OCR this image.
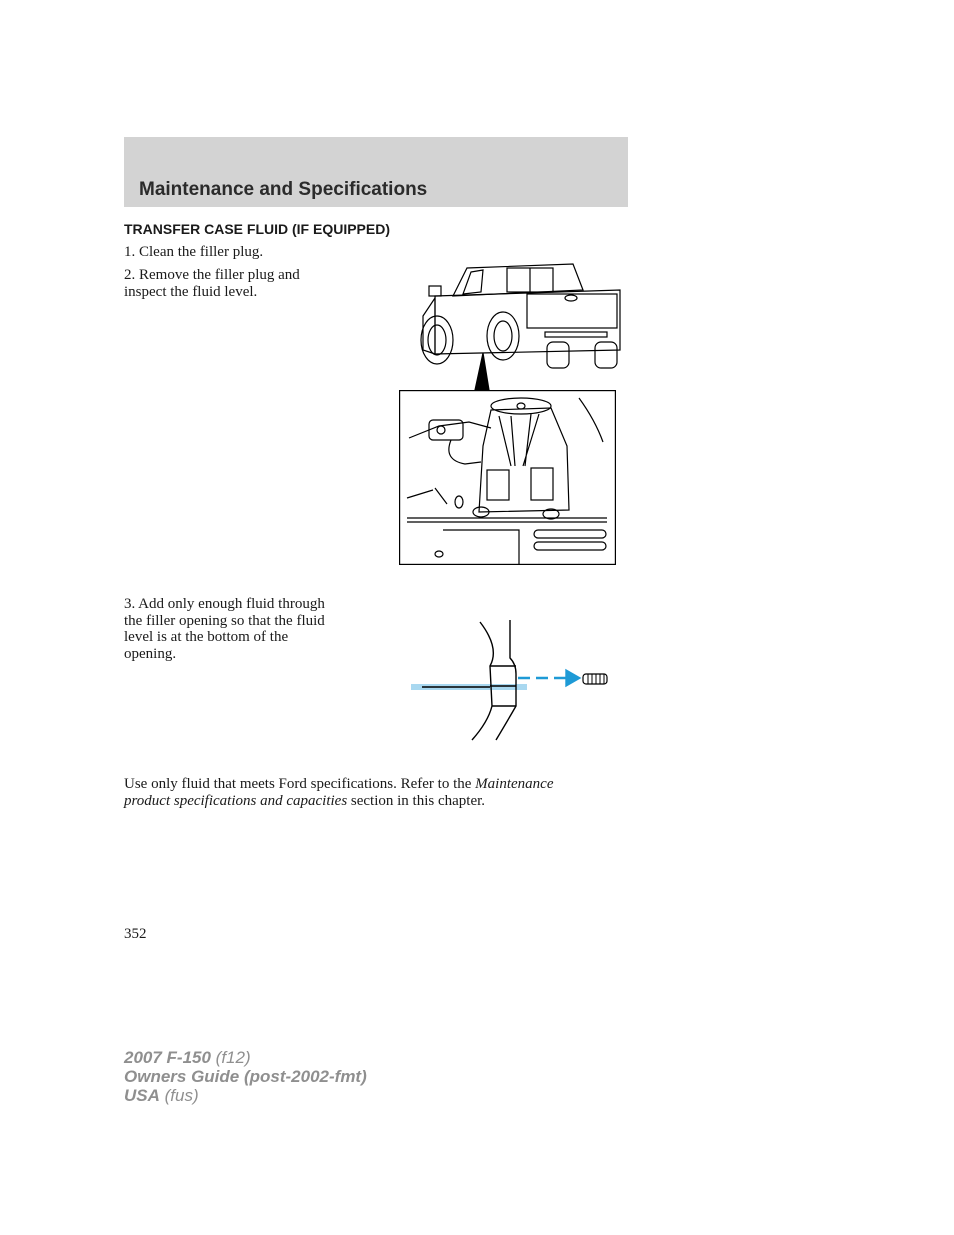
Maintenance and Specifications
TRANSFER CASE FLUID (IF EQUIPPED)

1. Clean the filler plug.

2. Remove the filler plug and
inspect the fluid level.

3. Add only enough fluid through
the filler opening so that the fluid
level is at the bottom of the
opening.

Use only fluid that meets Ford specifications. Refer to the Maintenance
product specifications and capacities section in this chapter.

352

2007 F-150 (f12)
Owners Guide (post-2002-fmt)
USA (fus)
